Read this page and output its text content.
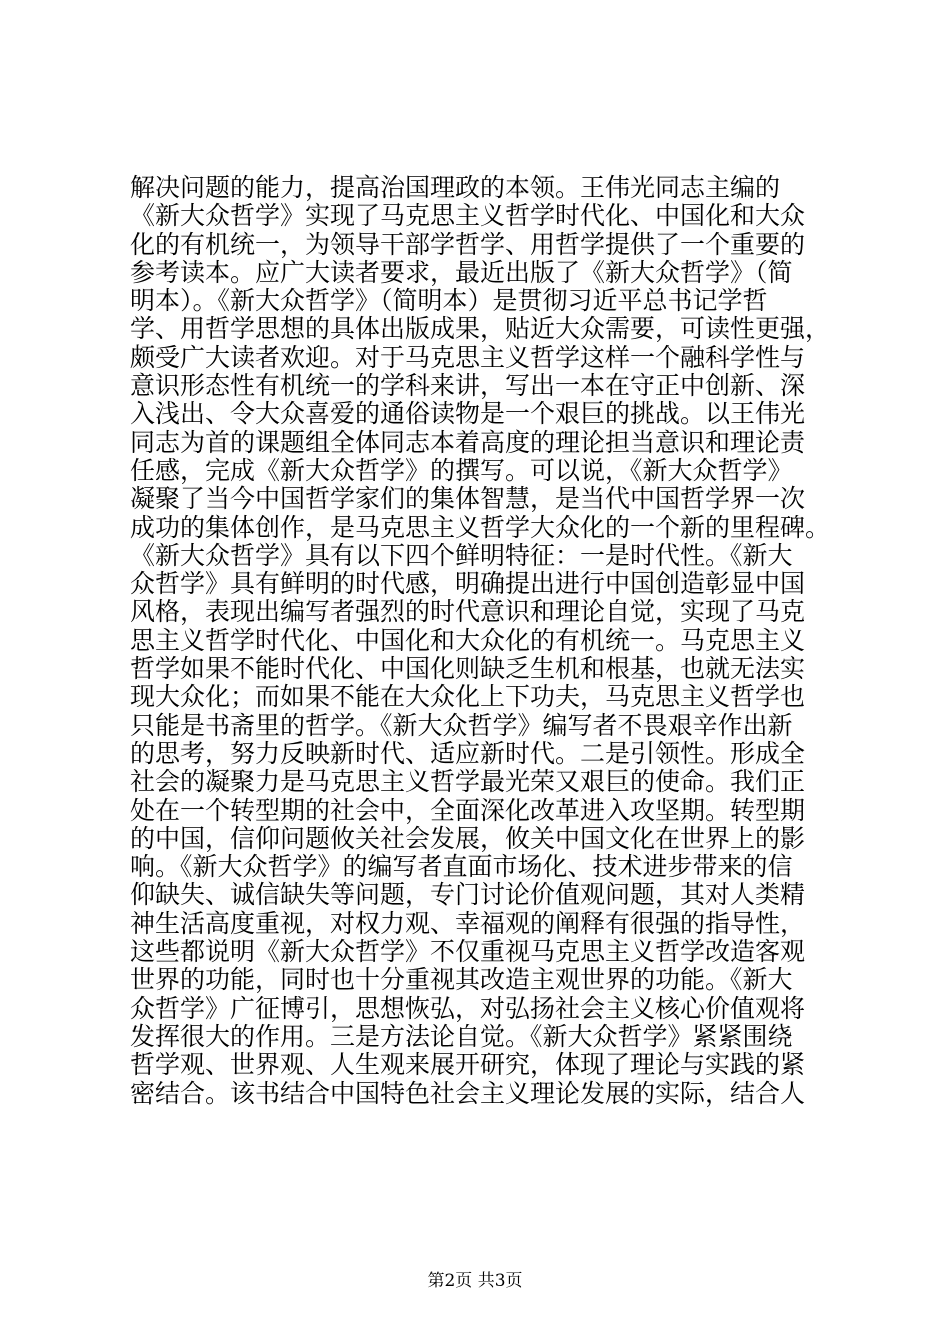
解决问题的能力，提高治国理政的本领。王伟光同志主编的
《新大众哲学》实现了马克思主义哲学时代化、中国化和大众
化的有机统一，为领导干部学哲学、用哲学提供了一个重要的
参考读本。应广大读者要求，最近出版了《新大众哲学》（简
明本）。《新大众哲学》（简明本）是贯彻习近平总书记学哲
学、用哲学思想的具体出版成果，贴近大众需要，可读性更强，
颇受广大读者欢迎。对于马克思主义哲学这样一个融科学性与
意识形态性有机统一的学科来讲，写出一本在守正中创新、深
入浅出、令大众喜爱的通俗读物是一个艰巨的挑战。以王伟光
同志为首的课题组全体同志本着高度的理论担当意识和理论责
任感，完成《新大众哲学》的撰写。可以说，《新大众哲学》
凝聚了当今中国哲学家们的集体智慧，是当代中国哲学界一次
成功的集体创作，是马克思主义哲学大众化的一个新的里程碑。
《新大众哲学》具有以下四个鲜明特征：一是时代性。《新大
众哲学》具有鲜明的时代感，明确提出进行中国创造彰显中国
风格，表现出编写者强烈的时代意识和理论自觉，实现了马克
思主义哲学时代化、中国化和大众化的有机统一。马克思主义
哲学如果不能时代化、中国化则缺乏生机和根基，也就无法实
现大众化；而如果不能在大众化上下功夫，马克思主义哲学也
只能是书斋里的哲学。《新大众哲学》编写者不畏艰辛作出新
的思考，努力反映新时代、适应新时代。二是引领性。形成全
社会的凝聚力是马克思主义哲学最光荣又艰巨的使命。我们正
处在一个转型期的社会中，全面深化改革进入攻坚期。转型期
的中国，信仰问题攸关社会发展，攸关中国文化在世界上的影
响。《新大众哲学》的编写者直面市场化、技术进步带来的信
仰缺失、诚信缺失等问题，专门讨论价值观问题，其对人类精
神生活高度重视，对权力观、幸福观的阐释有很强的指导性，
这些都说明《新大众哲学》不仅重视马克思主义哲学改造客观
世界的功能，同时也十分重视其改造主观世界的功能。《新大
众哲学》广征博引，思想恢弘，对弘扬社会主义核心价值观将
发挥很大的作用。三是方法论自觉。《新大众哲学》紧紧围绕
哲学观、世界观、人生观来展开研究，体现了理论与实践的紧
密结合。该书结合中国特色社会主义理论发展的实际，结合人
第2页 共3页
